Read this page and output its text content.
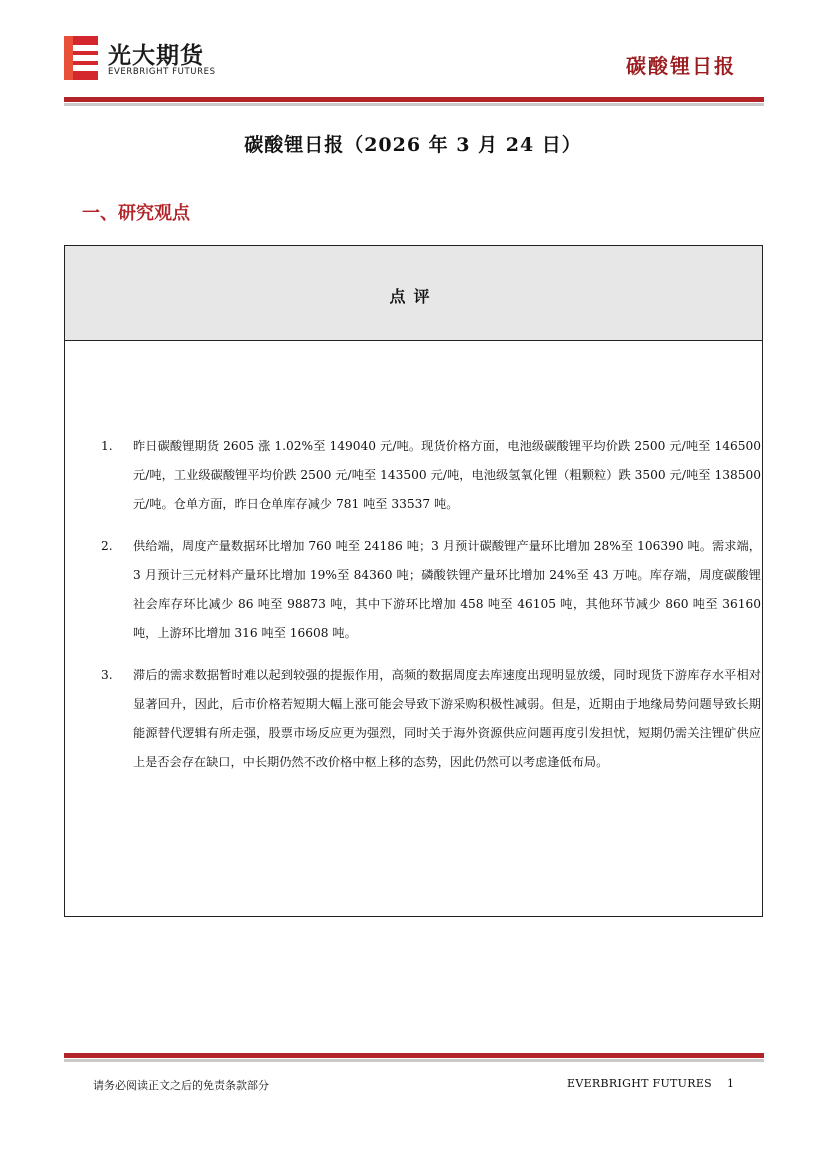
光大期货
EVERBRIGHT FUTURES	碳酸锂日报
碳酸锂日报（2026 年 3 月 24 日）
一、研究观点
点评
1. 昨日碳酸锂期货 2605 涨 1.02%至 149040 元/吨。现货价格方面，电池级碳酸锂平均价跌 2500 元/吨至 146500 元/吨，工业级碳酸锂平均价跌 2500 元/吨至 143500 元/吨，电池级氢氧化锂（粗颗粒）跌 3500 元/吨至 138500 元/吨。仓单方面，昨日仓单库存减少 781 吨至 33537 吨。
2. 供给端，周度产量数据环比增加 760 吨至 24186 吨；3 月预计碳酸锂产量环比增加 28%至 106390 吨。需求端，3 月预计三元材料产量环比增加 19%至 84360 吨；磷酸铁锂产量环比增加 24%至 43 万吨。库存端，周度碳酸锂社会库存环比减少 86 吨至 98873 吨，其中下游环比增加 458 吨至 46105 吨，其他环节减少 860 吨至 36160 吨，上游环比增加 316 吨至 16608 吨。
3. 滞后的需求数据暂时难以起到较强的提振作用，高频的数据周度去库速度出现明显放缓，同时现货下游库存水平相对显著回升，因此，后市价格若短期大幅上涨可能会导致下游采购积极性减弱。但是，近期由于地缘局势问题导致长期能源替代逻辑有所走强，股票市场反应更为强烈，同时关于海外资源供应问题再度引发担忧，短期仍需关注锂矿供应上是否会存在缺口，中长期仍然不改价格中枢上移的态势，因此仍然可以考虑逢低布局。
请务必阅读正文之后的免责条款部分	EVERBRIGHT FUTURES 1
